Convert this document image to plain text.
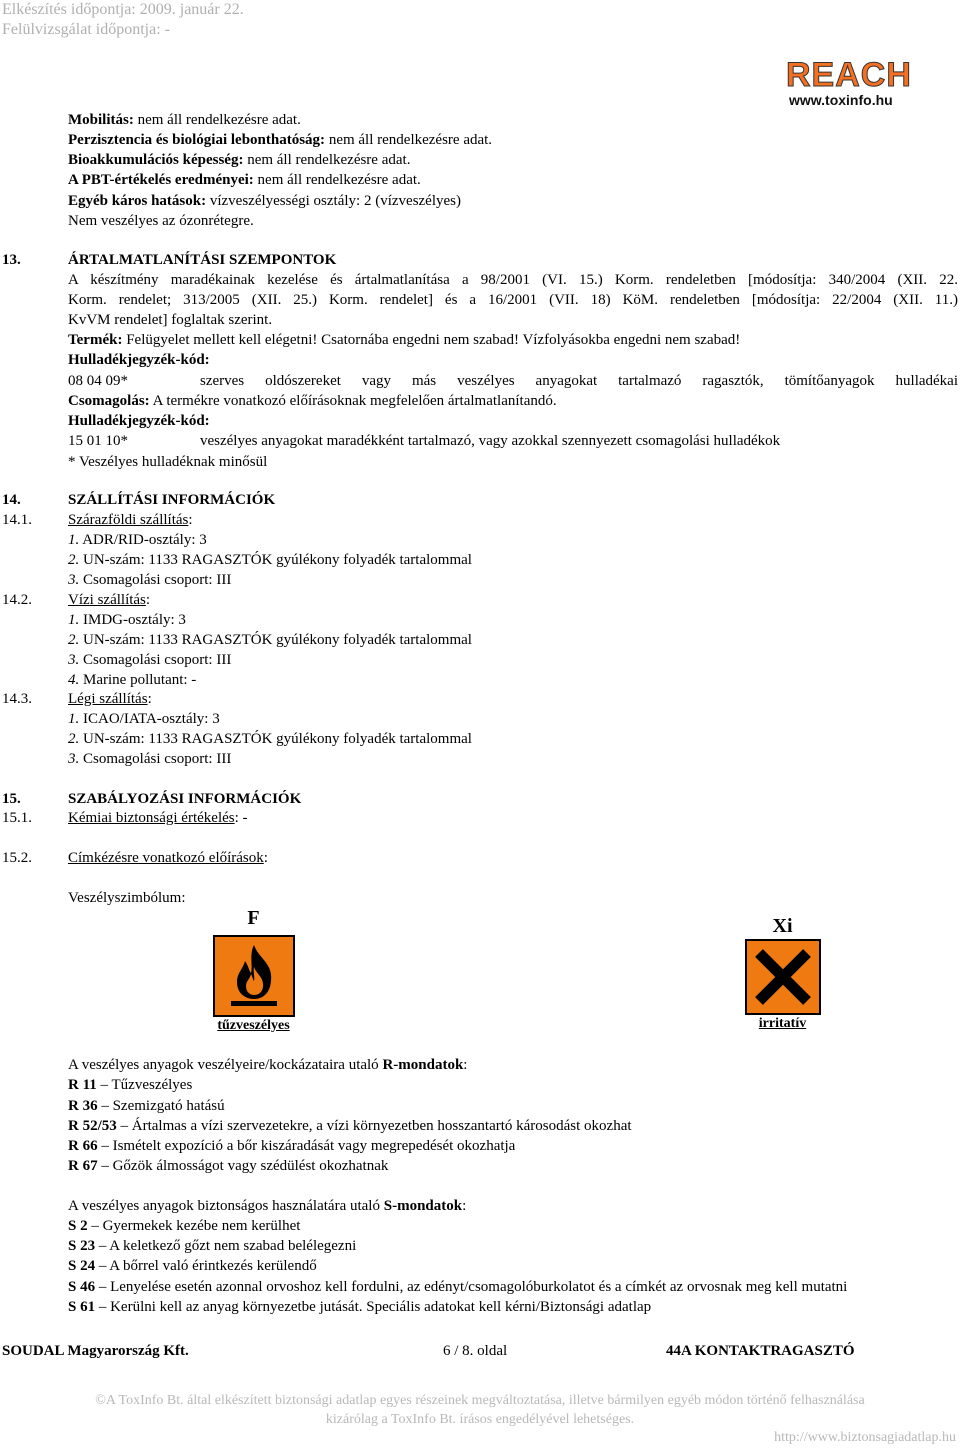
Elkészítés időpontja: 2009. január 22.
Felülvizsgálat időpontja: -
REACH
www.toxinfo.hu
Mobilitás: nem áll rendelkezésre adat.
Perzisztencia és biológiai lebonthatóság: nem áll rendelkezésre adat.
Bioakkumulációs képesség: nem áll rendelkezésre adat.
A PBT-értékelés eredményei: nem áll rendelkezésre adat.
Egyéb káros hatások: vízveszélyességi osztály: 2 (vízveszélyes)
Nem veszélyes az ózonrétegre.
13.	ÁRTALMATLANÍTÁSI SZEMPONTOK
A készítmény maradékainak kezelése és ártalmatlanítása a 98/2001 (VI. 15.) Korm. rendeletben [módosítja: 340/2004 (XII. 22.
Korm. rendelet; 313/2005 (XII. 25.) Korm. rendelet] és a 16/2001 (VII. 18) KöM. rendeletben [módosítja: 22/2004 (XII. 11.)
KvVM rendelet] foglaltak szerint.
Termék: Felügyelet mellett kell elégetni! Csatornába engedni nem szabad! Vízfolyásokba engedni nem szabad!
Hulladékjegyzék-kód:
08 04 09*	szerves oldószereket vagy más veszélyes anyagokat tartalmazó ragasztók, tömítőanyagok hulladékai
Csomagolás: A termékre vonatkozó előírásoknak megfelelően ártalmatlanítandó.
Hulladékjegyzék-kód:
15 01 10*	veszélyes anyagokat maradékként tartalmazó, vagy azokkal szennyezett csomagolási hulladékok
* Veszélyes hulladéknak minősül
14.	SZÁLLÍTÁSI INFORMÁCIÓK
14.1. Szárazföldi szállítás:
1. ADR/RID-osztály: 3
2. UN-szám: 1133 RAGASZTÓK gyúlékony folyadék tartalommal
3. Csomagolási csoport: III
14.2. Vízi szállítás:
1. IMDG-osztály: 3
2. UN-szám: 1133 RAGASZTÓK gyúlékony folyadék tartalommal
3. Csomagolási csoport: III
4. Marine pollutant: -
14.3. Légi szállítás:
1. ICAO/IATA-osztály: 3
2. UN-szám: 1133 RAGASZTÓK gyúlékony folyadék tartalommal
3. Csomagolási csoport: III
15.	SZABÁLYOZÁSI INFORMÁCIÓK
15.1. Kémiai biztonsági értékelés: -
15.2. Címkézésre vonatkozó előírások:
Veszélyszimbólum:
F
tűzveszélyes
Xi
irritatív
A veszélyes anyagok veszélyeire/kockázataira utaló R-mondatok:
R 11 – Tűzveszélyes
R 36 – Szemizgató hatású
R 52/53 – Ártalmas a vízi szervezetekre, a vízi környezetben hosszantartó károsodást okozhat
R 66 – Ismételt expozíció a bőr kiszáradását vagy megrepedését okozhatja
R 67 – Gőzök álmosságot vagy szédülést okozhatnak
A veszélyes anyagok biztonságos használatára utaló S-mondatok:
S 2 – Gyermekek kezébe nem kerülhet
S 23 – A keletkező gőzt nem szabad belélegezni
S 24 – A bőrrel való érintkezés kerülendő
S 46 – Lenyelése esetén azonnal orvoshoz kell fordulni, az edényt/csomagolóburkolatot és a címkét az orvosnak meg kell mutatni
S 61 – Kerülni kell az anyag környezetbe jutását. Speciális adatokat kell kérni/Biztonsági adatlap
SOUDAL Magyarország Kft.	6 / 8. oldal	44A KONTAKTRAGASZTÓ
©A ToxInfo Bt. által elkészített biztonsági adatlap egyes részeinek megváltoztatása, illetve bármilyen egyéb módon történő felhasználása
kizárólag a ToxInfo Bt. írásos engedélyével lehetséges.
http://www.biztonsagiadatlap.hu
